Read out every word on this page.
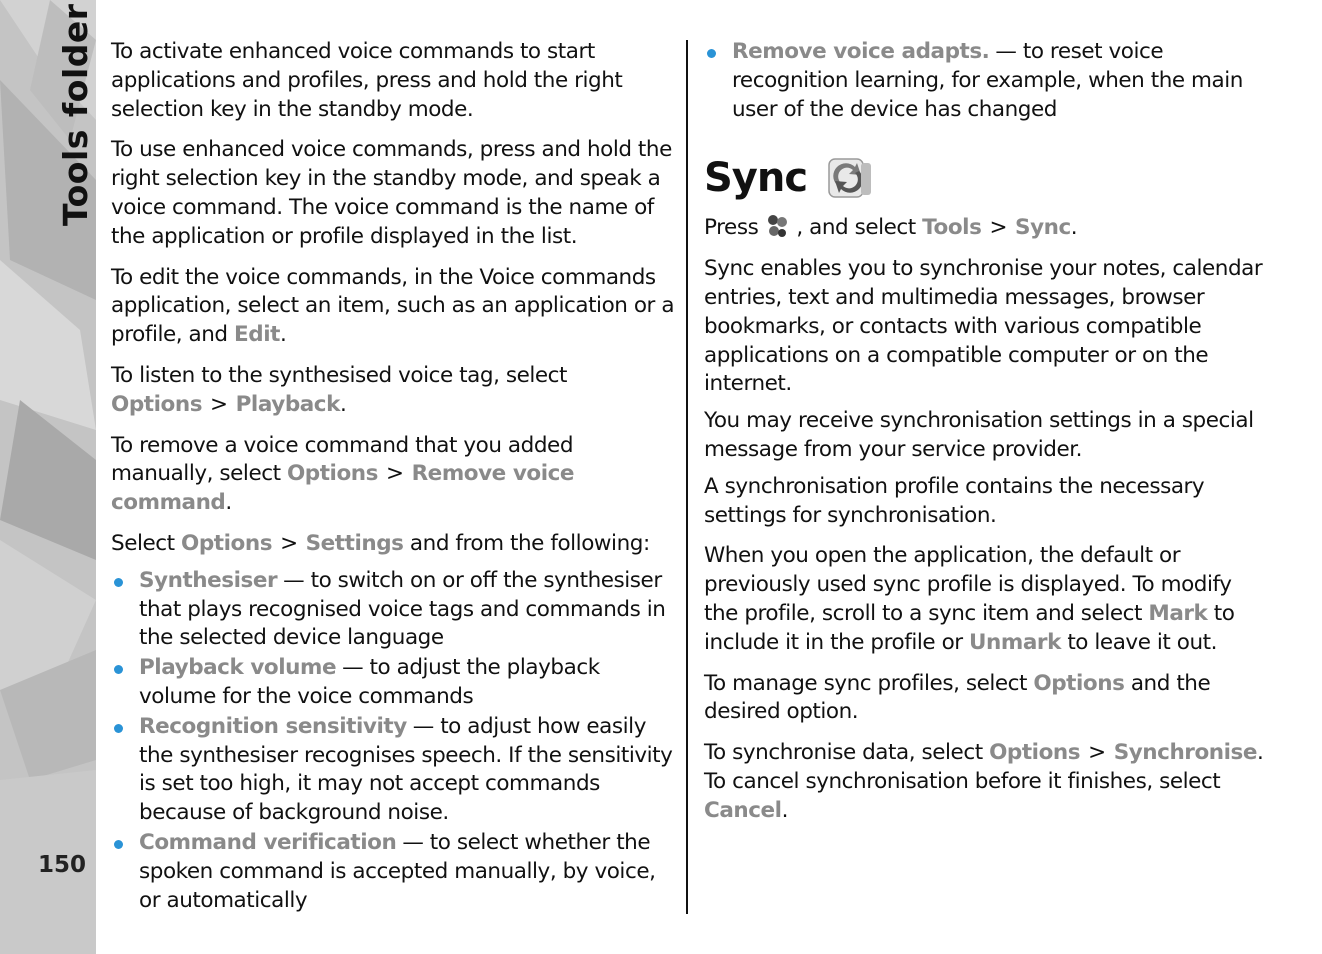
Tools folder
150

To activate enhanced voice commands to start applications and profiles, press and hold the right selection key in the standby mode.

To use enhanced voice commands, press and hold the right selection key in the standby mode, and speak a voice command. The voice command is the name of the application or profile displayed in the list.

To edit the voice commands, in the Voice commands application, select an item, such as an application or a profile, and Edit.

To listen to the synthesised voice tag, select Options > Playback.

To remove a voice command that you added manually, select Options > Remove voice command.

Select Options > Settings and from the following:

Synthesiser — to switch on or off the synthesiser that plays recognised voice tags and commands in the selected device language
Playback volume — to adjust the playback volume for the voice commands
Recognition sensitivity — to adjust how easily the synthesiser recognises speech. If the sensitivity is set too high, it may not accept commands because of background noise.
Command verification — to select whether the spoken command is accepted manually, by voice, or automatically
Remove voice adapts. — to reset voice recognition learning, for example, when the main user of the device has changed
Sync

Press , and select Tools > Sync.

Sync enables you to synchronise your notes, calendar entries, text and multimedia messages, browser bookmarks, or contacts with various compatible applications on a compatible computer or on the internet.

You may receive synchronisation settings in a special message from your service provider.

A synchronisation profile contains the necessary settings for synchronisation.

When you open the application, the default or previously used sync profile is displayed. To modify the profile, scroll to a sync item and select Mark to include it in the profile or Unmark to leave it out.

To manage sync profiles, select Options and the desired option.

To synchronise data, select Options > Synchronise. To cancel synchronisation before it finishes, select Cancel.
